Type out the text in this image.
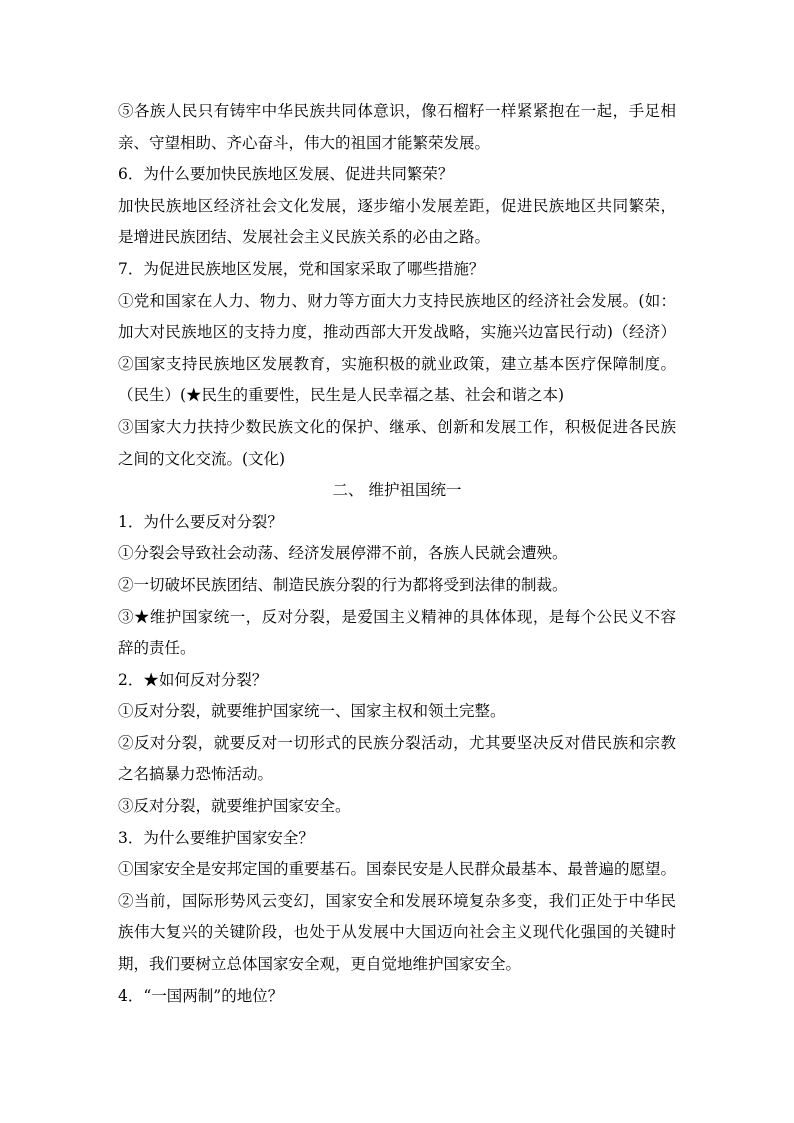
⑤各族人民只有铸牢中华民族共同体意识，像石榴籽一样紧紧抱在一起，手足相
亲、守望相助、齐心奋斗，伟大的祖国才能繁荣发展。
6．为什么要加快民族地区发展、促进共同繁荣？
加快民族地区经济社会文化发展，逐步缩小发展差距，促进民族地区共同繁荣，
是增进民族团结、发展社会主义民族关系的必由之路。
7．为促进民族地区发展，党和国家采取了哪些措施？
①党和国家在人力、物力、财力等方面大力支持民族地区的经济社会发展。(如：
加大对民族地区的支持力度，推动西部大开发战略，实施兴边富民行动)（经济）
②国家支持民族地区发展教育，实施积极的就业政策，建立基本医疗保障制度。
（民生）(★民生的重要性，民生是人民幸福之基、社会和谐之本)
③国家大力扶持少数民族文化的保护、继承、创新和发展工作，积极促进各民族
之间的文化交流。(文化)
二、 维护祖国统一
1．为什么要反对分裂？
①分裂会导致社会动荡、经济发展停滞不前，各族人民就会遭殃。
②一切破坏民族团结、制造民族分裂的行为都将受到法律的制裁。
③★维护国家统一，反对分裂，是爱国主义精神的具体体现，是每个公民义不容
辞的责任。
2．★如何反对分裂？
①反对分裂，就要维护国家统一、国家主权和领土完整。
②反对分裂，就要反对一切形式的民族分裂活动，尤其要坚决反对借民族和宗教
之名搞暴力恐怖活动。
③反对分裂，就要维护国家安全。
3．为什么要维护国家安全？
①国家安全是安邦定国的重要基石。国泰民安是人民群众最基本、最普遍的愿望。
②当前，国际形势风云变幻，国家安全和发展环境复杂多变，我们正处于中华民
族伟大复兴的关键阶段，也处于从发展中大国迈向社会主义现代化强国的关键时
期，我们要树立总体国家安全观，更自觉地维护国家安全。
4．“一国两制”的地位？
